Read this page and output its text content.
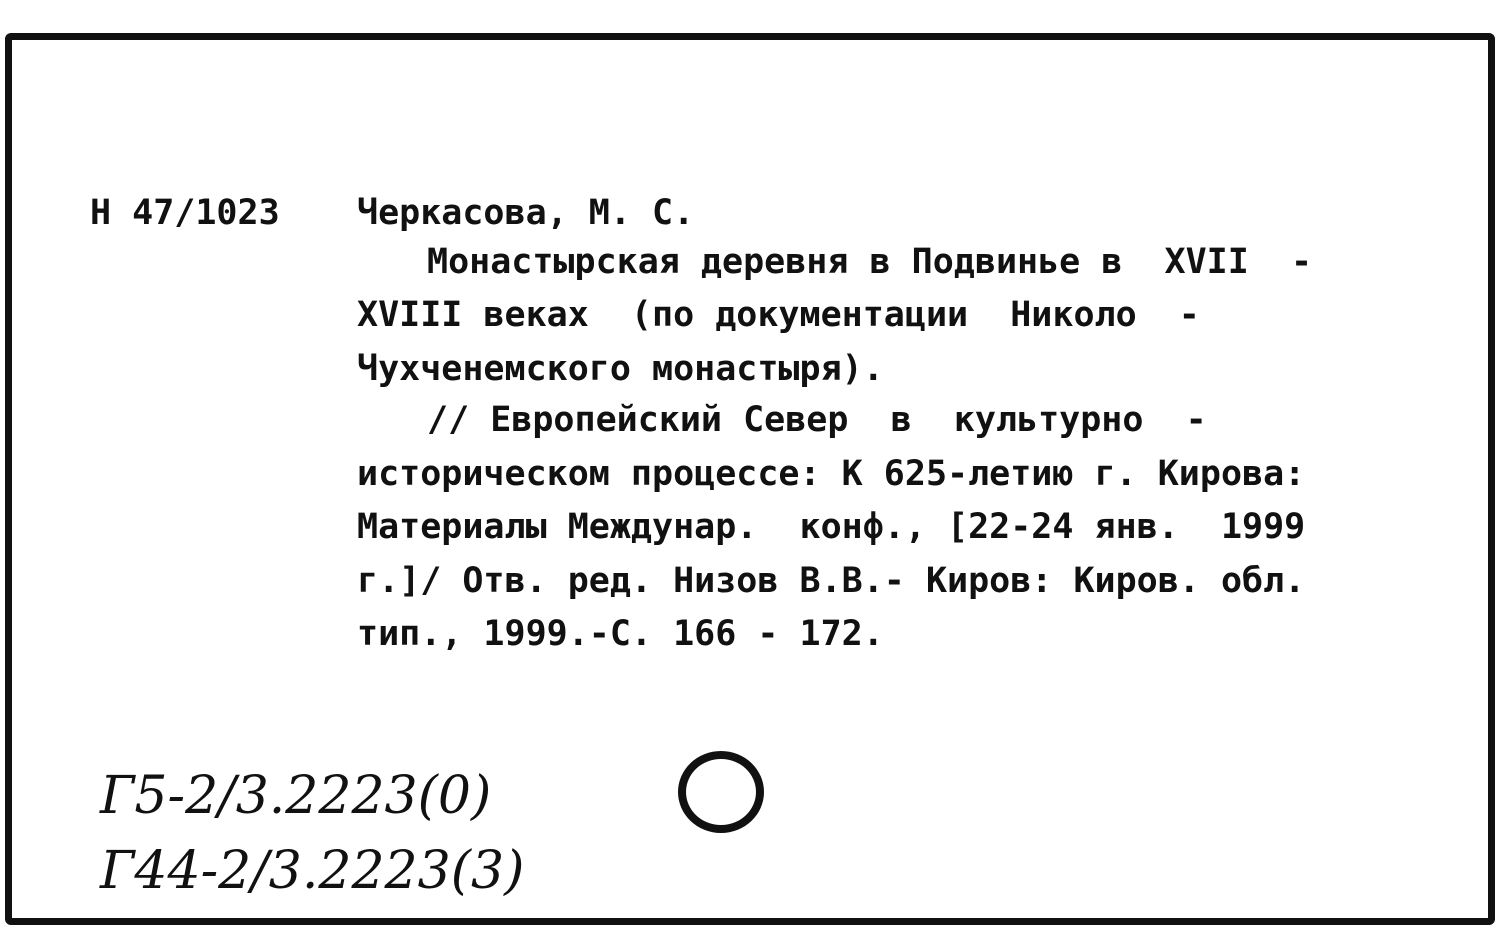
Н 47/1023 Черкасова, М. С.
Монастырская деревня в Подвинье в  XVII  -
XVIII веках  (по документации  Николо  -
Чухченемского монастыря).
// Европейский Север  в  культурно  -
историческом процессе: К 625-летию г. Кирова:
Материалы Междунар.  конф., [22-24 янв.  1999
г.]/ Отв. ред. Низов В.В.- Киров: Киров. обл.
тип., 1999.-С. 166 - 172.
Г5-2/3.2223(0)
Г44-2/3.2223(3)
